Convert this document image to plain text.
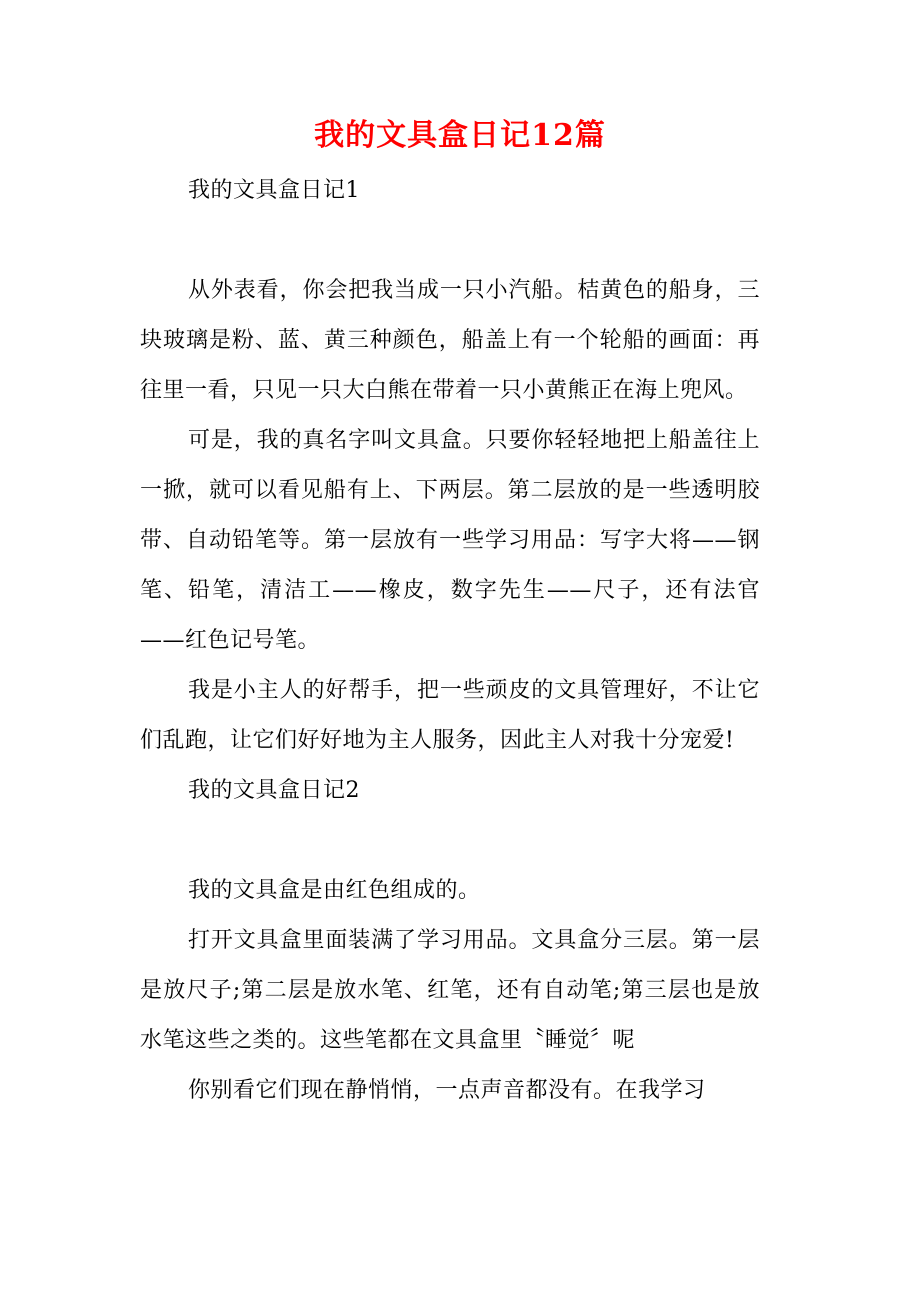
我的文具盒日记12篇

我的文具盒日记1

从外表看，你会把我当成一只小汽船。桔黄色的船身，三块玻璃是粉、蓝、黄三种颜色，船盖上有一个轮船的画面：再往里一看，只见一只大白熊在带着一只小黄熊正在海上兜风。

可是，我的真名字叫文具盒。只要你轻轻地把上船盖往上一掀，就可以看见船有上、下两层。第二层放的是一些透明胶带、自动铅笔等。第一层放有一些学习用品：写字大将——钢笔、铅笔，清洁工——橡皮，数字先生——尺子，还有法官——红色记号笔。

我是小主人的好帮手，把一些顽皮的文具管理好，不让它们乱跑，让它们好好地为主人服务，因此主人对我十分宠爱!

我的文具盒日记2

我的文具盒是由红色组成的。

打开文具盒里面装满了学习用品。文具盒分三层。第一层是放尺子;第二层是放水笔、红笔，还有自动笔;第三层也是放水笔这些之类的。这些笔都在文具盒里〝睡觉〞呢

你别看它们现在静悄悄，一点声音都没有。在我学习
